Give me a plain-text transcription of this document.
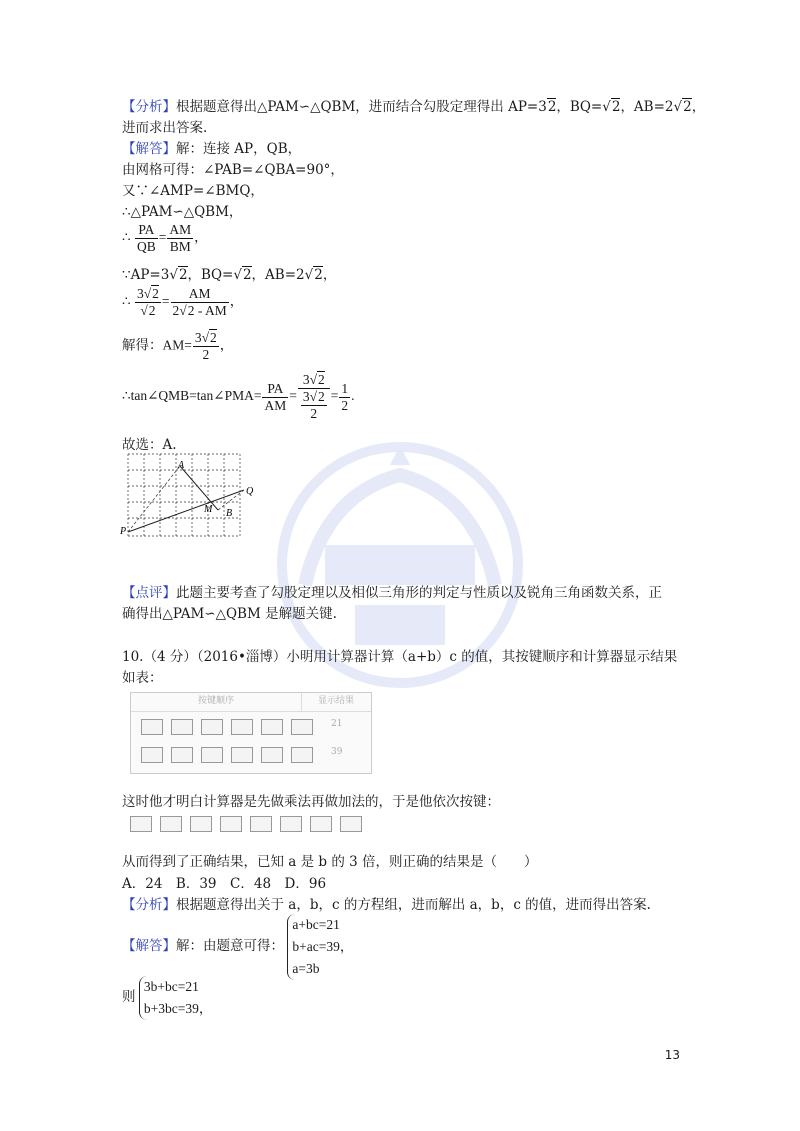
【分析】根据题意得出△PAM∽△QBM，进而结合勾股定理得出 AP=32，BQ=√2，AB=2√2，
进而求出答案.
【解答】解：连接 AP，QB，
由网格可得：∠PAB=∠QBA=90°，
又∵∠AMP=∠BMQ，
∴△PAM∽△QBM，
∴ $\frac{PA}{QB} = \frac{AM}{BM}$ ，
∵AP=3√2，BQ=√2，AB=2√2，
∴ $\frac{3√2}{√2} = \frac{AM}{2√2 - AM}$ ，
解得：$AM= \frac{3√2}{2}$ ，
∴tan∠QMB=tan∠PMA= $\frac{PA}{AM} = \frac{3√2}{\frac{3√2}{2}} = \frac{1}{2}$ .
故选：A.
A
M B
Q
P
【点评】此题主要考查了勾股定理以及相似三角形的判定与性质以及锐角三角函数关系，正
确得出△PAM∽△QBM 是解题关键.
10.（4 分）（2016•淄博）小明用计算器计算（a+b）c 的值，其按键顺序和计算器显示结果
如表：
按键顺序	显示结果
21
39
这时他才明白计算器是先做乘法再做加法的，于是他依次按键：
从而得到了正确结果，已知 a 是 b 的 3 倍，则正确的结果是（　　）
A．24　B．39　C．48　D．96
【分析】根据题意得出关于 a，b，c 的方程组，进而解出 a，b，c 的值，进而得出答案.
【解答】解：由题意可得：
a+bc=21
b+ac=39，
a=3b
则
3b+bc=21
b+3bc=39，
13
